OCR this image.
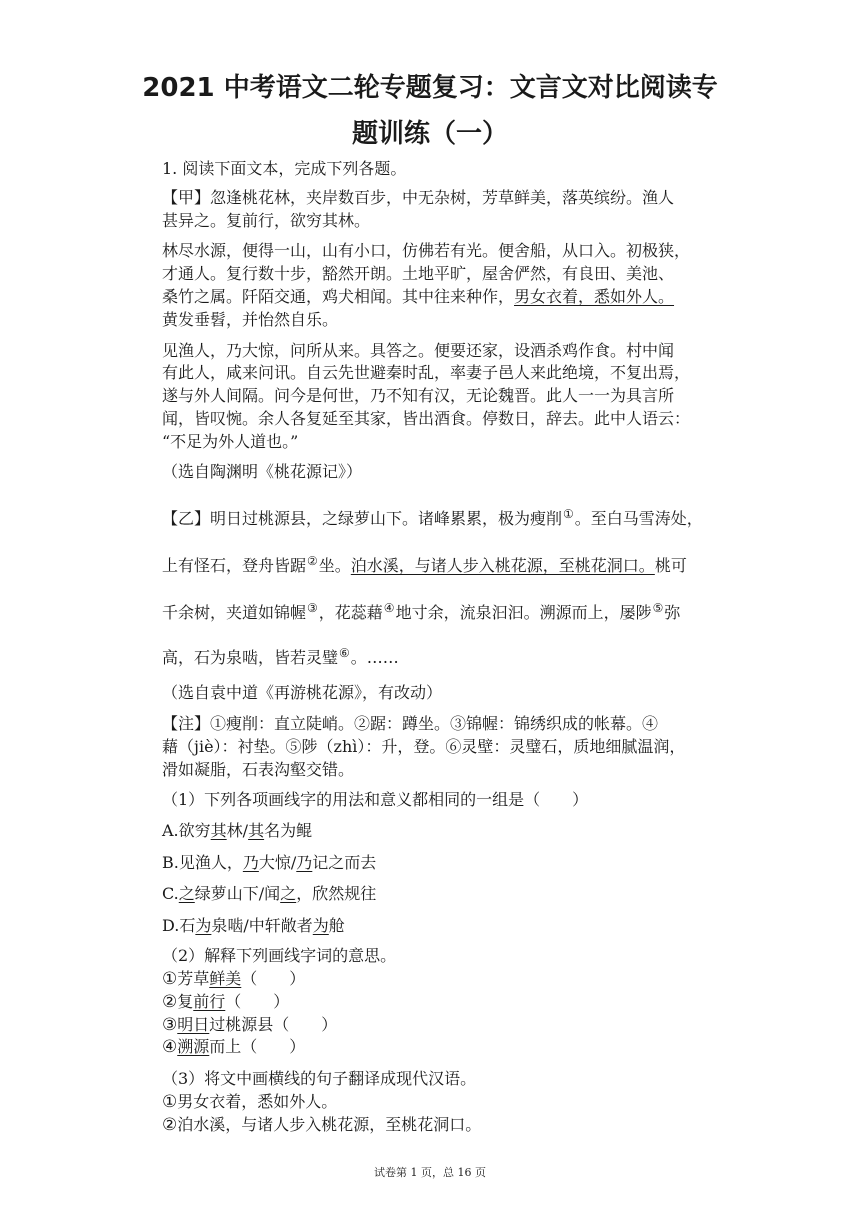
2021 中考语文二轮专题复习：文言文对比阅读专
题训练（一）

1. 阅读下面文本，完成下列各题。

【甲】忽逢桃花林，夹岸数百步，中无杂树，芳草鲜美，落英缤纷。渔人

甚异之。复前行，欲穷其林。

林尽水源，便得一山，山有小口，仿佛若有光。便舍船，从口入。初极狭，

才通人。复行数十步，豁然开朗。土地平旷，屋舍俨然，有良田、美池、

桑竹之属。阡陌交通，鸡犬相闻。其中往来种作，男女衣着，悉如外人。

黄发垂髫，并怡然自乐。

见渔人，乃大惊，问所从来。具答之。便要还家，设酒杀鸡作食。村中闻

有此人，咸来问讯。自云先世避秦时乱，率妻子邑人来此绝境，不复出焉，

遂与外人间隔。问今是何世，乃不知有汉，无论魏晋。此人一一为具言所

闻，皆叹惋。余人各复延至其家，皆出酒食。停数日，辞去。此中人语云：

“不足为外人道也。”

（选自陶渊明《桃花源记》）

【乙】明日过桃源县，之绿萝山下。诸峰累累，极为瘦削①。至白马雪涛处，

上有怪石，登舟皆踞②坐。泊水溪，与诸人步入桃花源，至桃花洞口。桃可

千余树，夹道如锦幄③，花蕊藉④地寸余，流泉汩汩。溯源而上，屡陟⑤弥

高，石为泉啮，皆若灵璧⑥。……

（选自袁中道《再游桃花源》，有改动）

【注】①瘦削：直立陡峭。②踞：蹲坐。③锦幄：锦绣织成的帐幕。④

藉（jiè）：衬垫。⑤陟（zhì）：升，登。⑥灵壁：灵璧石，质地细腻温润，

滑如凝脂，石表沟壑交错。

（1）下列各项画线字的用法和意义都相同的一组是（　　）

A.欲穷其林/其名为鲲

B.见渔人，乃大惊/乃记之而去

C.之绿萝山下/闻之，欣然规往

D.石为泉啮/中轩敞者为舱

（2）解释下列画线字词的意思。

①芳草鲜美（　　）

②复前行（　　）

③明日过桃源县（　　）

④溯源而上（　　）

（3）将文中画横线的句子翻译成现代汉语。

①男女衣着，悉如外人。

②泊水溪，与诸人步入桃花源，至桃花洞口。

试卷第 1 页，总 16 页
